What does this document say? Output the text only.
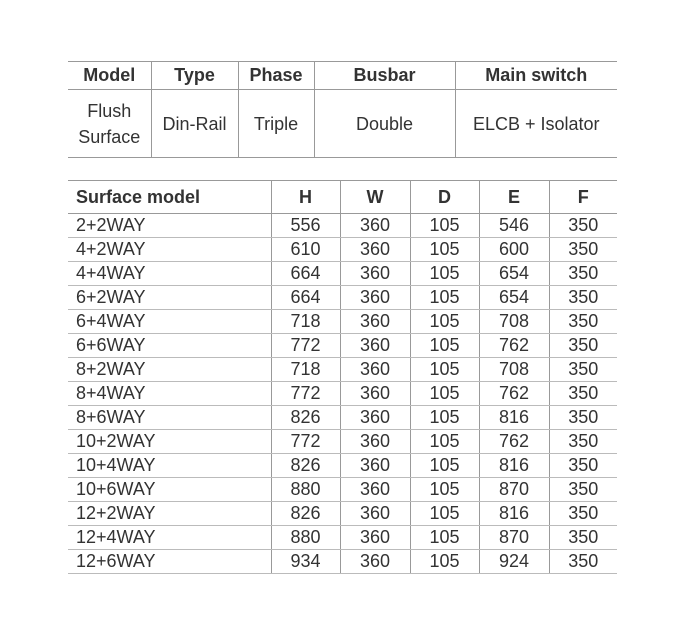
Model	Type	Phase	Busbar	Main switch

Flush
Surface	Din-Rail	Triple	Double	ELCB + Isolator
Surface model	H	W	D	E	F
2+2WAY	556	360	105	546	350
4+2WAY	610	360	105	600	350
4+4WAY	664	360	105	654	350
6+2WAY	664	360	105	654	350
6+4WAY	718	360	105	708	350
6+6WAY	772	360	105	762	350
8+2WAY	718	360	105	708	350
8+4WAY	772	360	105	762	350
8+6WAY	826	360	105	816	350
10+2WAY	772	360	105	762	350
10+4WAY	826	360	105	816	350
10+6WAY	880	360	105	870	350
12+2WAY	826	360	105	816	350
12+4WAY	880	360	105	870	350
12+6WAY	934	360	105	924	350
